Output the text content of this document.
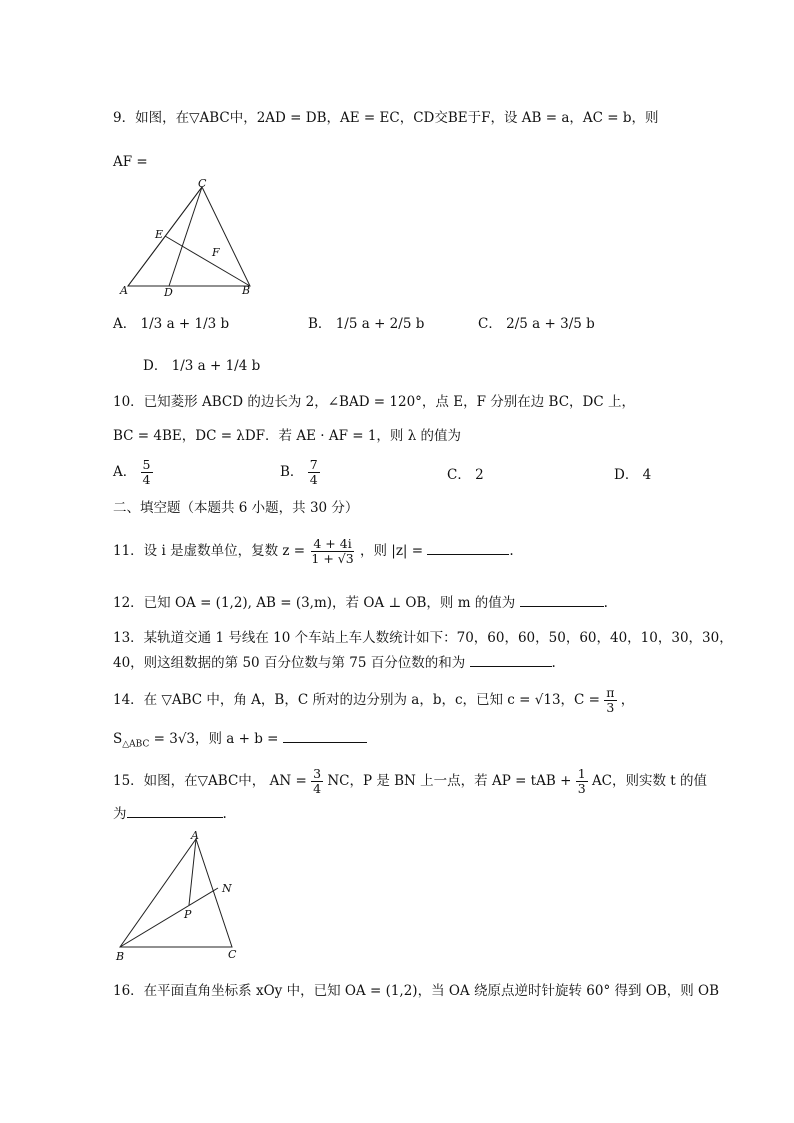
9．如图，在▽ABC中，2AD = DB，AE = EC，CD交BE于F，设 AB = a，AC = b，则
AF =
C
E
F
A	D	B
A． 1/3 a + 1/3 b	B． 1/5 a + 2/5 b	C． 2/5 a + 3/5 b
D． 1/3 a + 1/4 b
10．已知菱形 ABCD 的边长为 2，∠BAD = 120°，点 E，F 分别在边 BC，DC 上，
BC = 4BE，DC = λDF．若 AE · AF = 1，则 λ 的值为
A． $\frac{5}{4}$	B． $\frac{7}{4}$	C． 2	D． 4
二、填空题（本题共 6 小题，共 30 分）
11．设 i 是虚数单位，复数 $z = \frac{4 + 4i}{1 + √3}$ ，则 |z| =	.
12．已知 OA = (1,2), AB = (3,m)，若 OA ⊥ OB，则 m 的值为	.
13．某轨道交通 1 号线在 10 个车站上车人数统计如下：70，60，60，50，60，40，10，30，30，
40，则这组数据的第 50 百分位数与第 75 百分位数的和为	.
14．在 ▽ABC 中，角 A，B，C 所对的边分别为 a，b，c，已知 c = √13，$C = \frac{\pi}{3}$ ，
$S_{\triangle ABC} = 3√3$，则 a + b =
15．如图，在▽ABC中， AN = $\frac{3}{4}$ NC，P 是 BN 上一点，若 AP = tAB + $\frac{1}{3}$ AC，则实数 t 的值
为	.
A
N
P
B	C
16．在平面直角坐标系 xOy 中，已知 OA = (1,2)，当 OA 绕原点逆时针旋转 60° 得到 OB，则 OB
